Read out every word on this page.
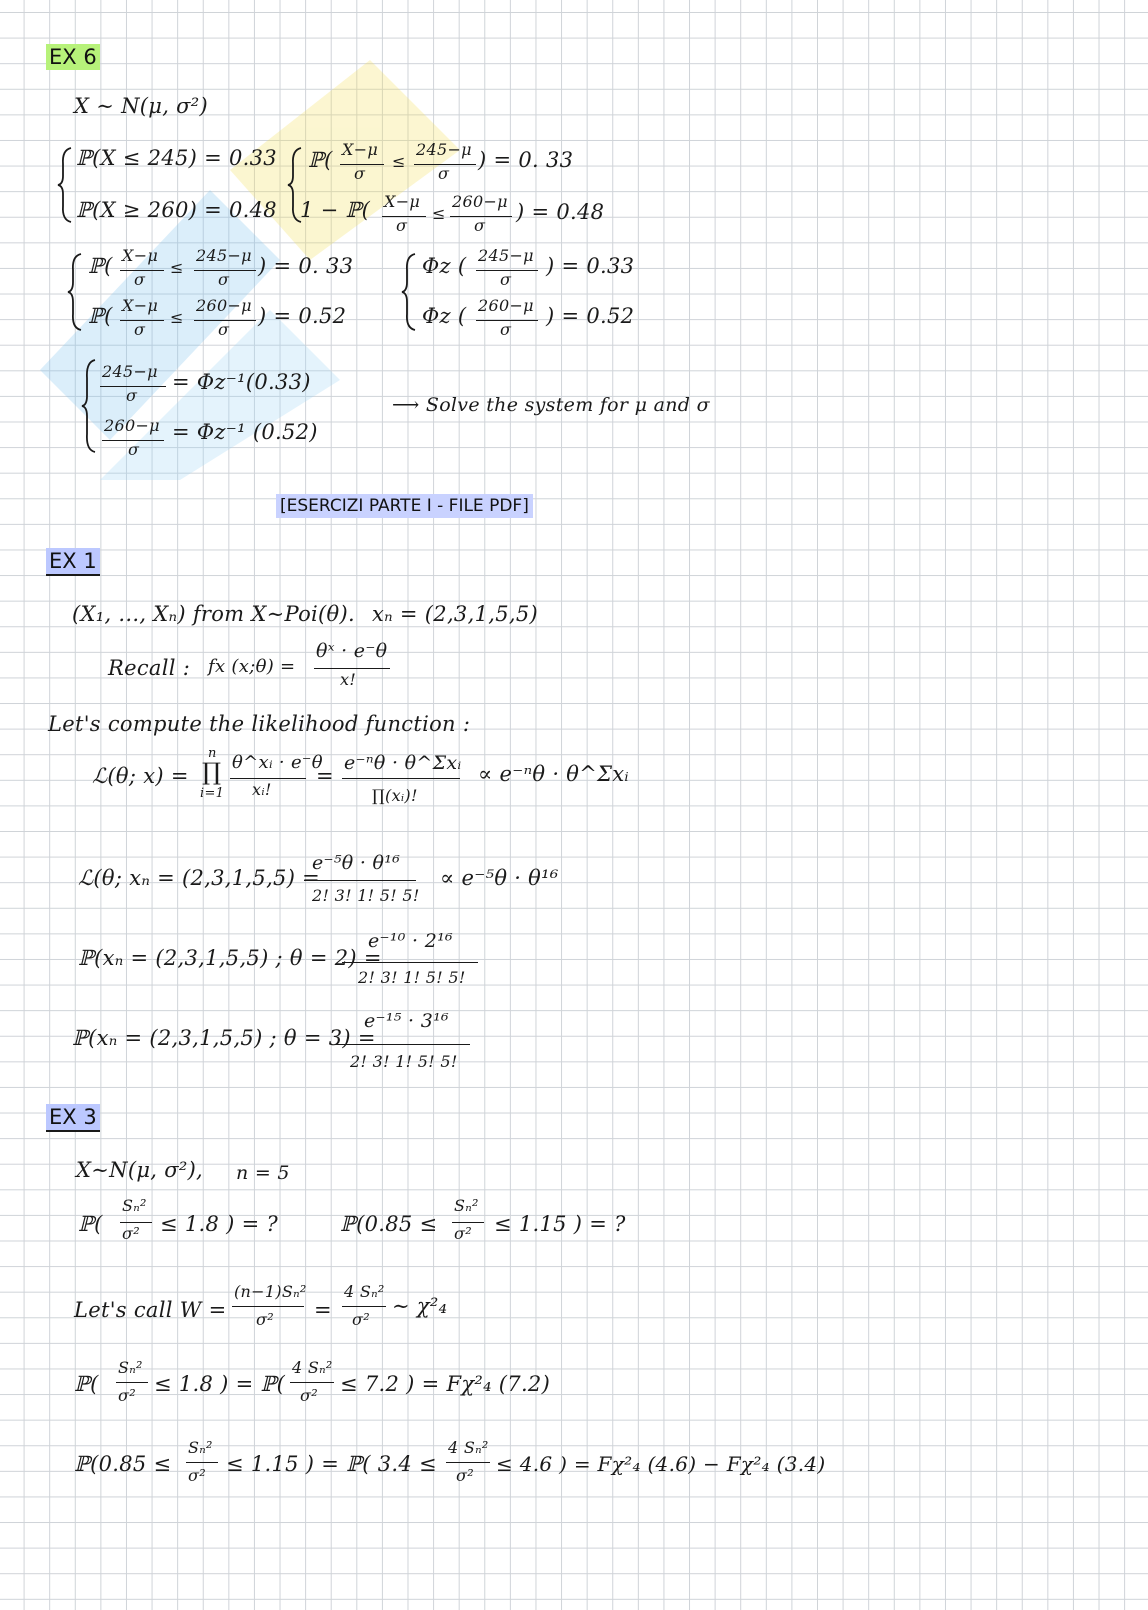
EX 6
X ∼ N(μ, σ²)
ℙ(X ≤ 245) = 0.33
ℙ(X ≥ 260) = 0.48
ℙ( X−μ
σ
≤
245−μ
σ
) = 0. 33
1 − ℙ( X−μ
σ
≤
260−μ
σ
) = 0.48
ℙ( X−μ
σ
≤
245−μ
σ
) = 0. 33
ℙ( X−μ
σ
≤
260−μ
σ
) = 0.52
Φz ( 245−μ
σ
) = 0.33
Φz ( 260−μ
σ
) = 0.52
245−μ
σ
= Φz⁻¹(0.33)
260−μ
σ
= Φz⁻¹ (0.52)
⟶ Solve the system for μ and σ
[ESERCIZI PARTE I - FILE PDF]
EX 1
(X₁, ..., Xₙ) from X∼Poi(θ). xₙ = (2,3,1,5,5)
Recall : fx (x;θ) =
θˣ · e⁻θ
x!
Let's compute the likelihood function :
ℒ(θ; x) =
n
∏
i=1
θ^xᵢ · e⁻θ
xᵢ!
=
e⁻ⁿθ · θ^Σxᵢ
∏(xᵢ)!
∝ e⁻ⁿθ · θ^Σxᵢ
ℒ(θ; xₙ = (2,3,1,5,5) =
e⁻⁵θ · θ¹⁶
2! 3! 1! 5! 5!
∝ e⁻⁵θ · θ¹⁶
ℙ(xₙ = (2,3,1,5,5) ; θ = 2) =
e⁻¹⁰ · 2¹⁶
2! 3! 1! 5! 5!
ℙ(xₙ = (2,3,1,5,5) ; θ = 3) =
e⁻¹⁵ · 3¹⁶
2! 3! 1! 5! 5!
EX 3
X∼N(μ, σ²), n = 5
ℙ(
Sₙ²
σ² ≤ 1.8 ) = ?	ℙ(0.85 ≤
Sₙ²
σ² ≤ 1.15 ) = ?
Let's call W =
(n−1)Sₙ²
σ² =
4 Sₙ²
σ²
∼ χ²₄
ℙ(
Sₙ²
σ² ≤ 1.8 ) = ℙ(
4 Sₙ²
σ² ≤ 7.2 ) = Fχ²₄ (7.2)
ℙ(0.85 ≤
Sₙ²
σ² ≤ 1.15 ) = ℙ( 3.4 ≤
4 Sₙ²
σ² ≤ 4.6 ) = Fχ²₄ (4.6) − Fχ²₄ (3.4)
